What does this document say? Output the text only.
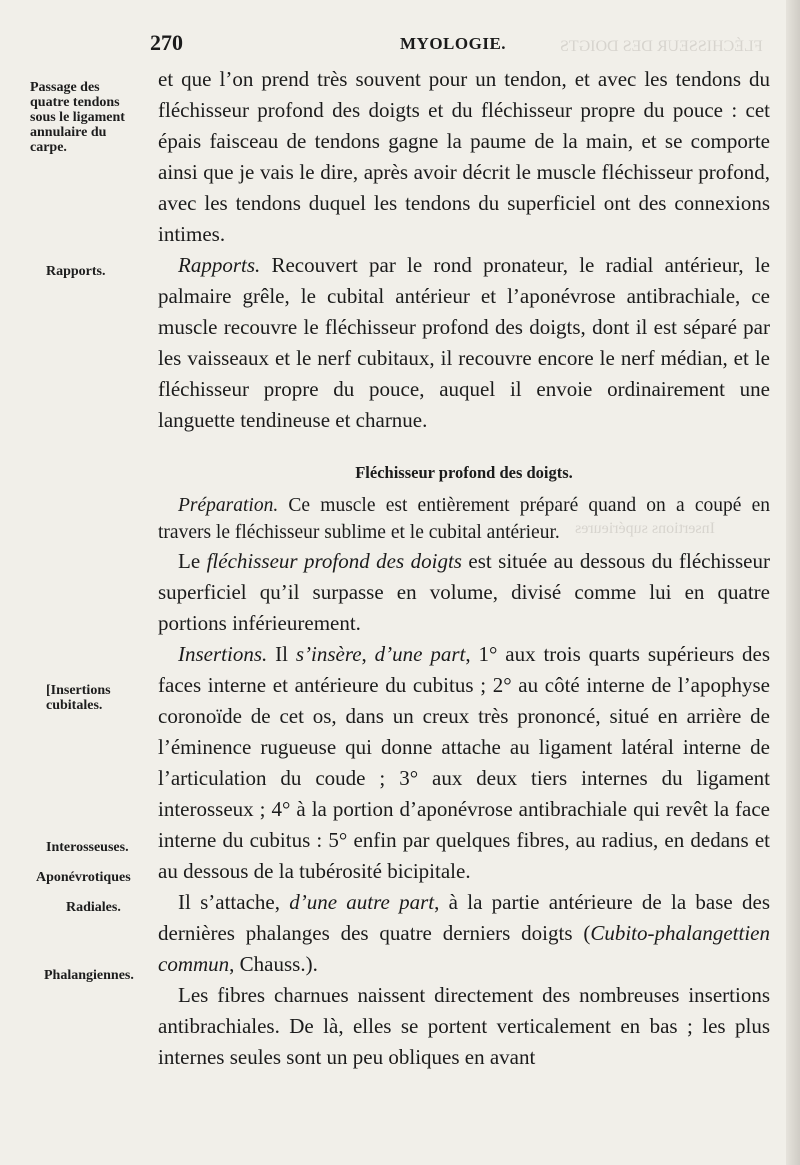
FLÉCHISSEUR DES DOIGTS
Insertions supérieures
270	MYOLOGIE.
Passage des
quatre tendons
sous le ligament
annulaire du
carpe.
Rapports.
[Insertions
cubitales.
Interosseuses.
Aponévrotiques
Radiales.
Phalangiennes.

et que l’on prend très souvent pour un tendon, et avec les tendons du fléchisseur profond des doigts et du fléchisseur propre du pouce : cet épais faisceau de tendons gagne la paume de la main, et se comporte ainsi que je vais le dire, après avoir décrit le muscle fléchisseur profond, avec les tendons duquel les tendons du superficiel ont des connexions intimes.

Rapports. Recouvert par le rond pronateur, le radial antérieur, le palmaire grêle, le cubital antérieur et l’aponévrose antibrachiale, ce muscle recouvre le fléchisseur profond des doigts, dont il est séparé par les vaisseaux et le nerf cubitaux, il recouvre encore le nerf médian, et le fléchisseur propre du pouce, auquel il envoie ordinairement une languette tendineuse et charnue.

Fléchisseur profond des doigts.

Préparation. Ce muscle est entièrement préparé quand on a coupé en travers le fléchisseur sublime et le cubital antérieur.

Le fléchisseur profond des doigts est située au dessous du fléchisseur superficiel qu’il surpasse en volume, divisé comme lui en quatre portions inférieurement.

Insertions. Il s’insère, d’une part, 1° aux trois quarts supérieurs des faces interne et antérieure du cubitus ; 2° au côté interne de l’apophyse coronoïde de cet os, dans un creux très prononcé, situé en arrière de l’éminence rugueuse qui donne attache au ligament latéral interne de l’articulation du coude ; 3° aux deux tiers internes du ligament interosseux ; 4° à la portion d’aponévrose antibrachiale qui revêt la face interne du cubitus : 5° enfin par quelques fibres, au radius, en dedans et au dessous de la tubérosité bicipitale.

Il s’attache, d’une autre part, à la partie antérieure de la base des dernières phalanges des quatre derniers doigts (Cubito-phalangettien commun, Chauss.).

Les fibres charnues naissent directement des nombreuses insertions antibrachiales. De là, elles se portent verticalement en bas ; les plus internes seules sont un peu obliques en avant
